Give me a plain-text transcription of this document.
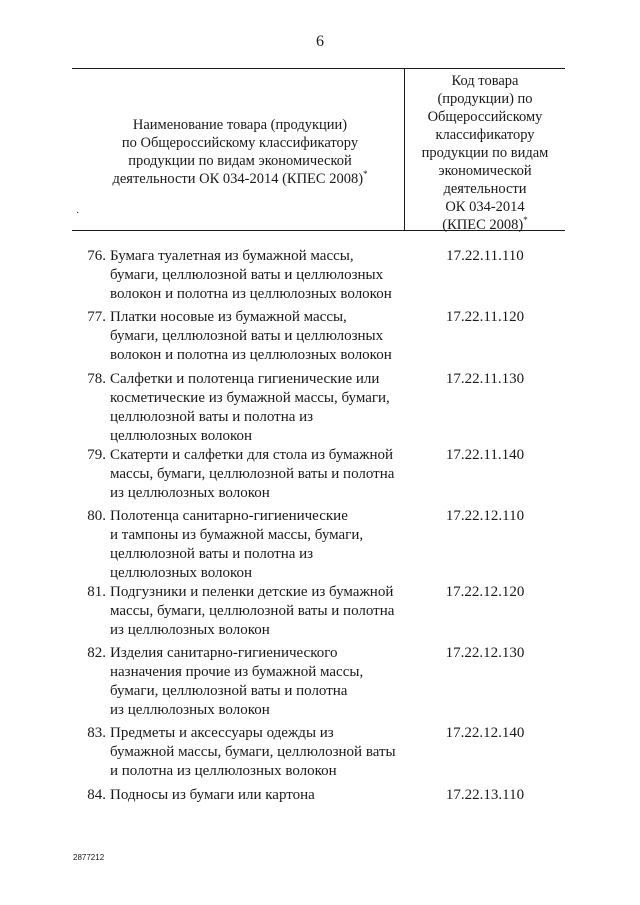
6
Наименование товара (продукции)
по Общероссийскому классификатору
продукции по видам экономической
деятельности ОК 034-2014 (КПЕС 2008)*
·
Код товара
(продукции) по
Общероссийскому
классификатору
продукции по видам
экономической
деятельности
ОК 034-2014
(КПЕС 2008)*
76. Бумага туалетная из бумажной массы,
бумаги, целлюлозной ваты и целлюлозных
волокон и полотна из целлюлозных волокон
17.22.11.110
77. Платки носовые из бумажной массы,
бумаги, целлюлозной ваты и целлюлозных
волокон и полотна из целлюлозных волокон
17.22.11.120
78. Салфетки и полотенца гигиенические или
косметические из бумажной массы, бумаги,
целлюлозной ваты и полотна из
целлюлозных волокон
17.22.11.130
79. Скатерти и салфетки для стола из бумажной
массы, бумаги, целлюлозной ваты и полотна
из целлюлозных волокон
17.22.11.140
80. Полотенца санитарно-гигиенические
и тампоны из бумажной массы, бумаги,
целлюлозной ваты и полотна из
целлюлозных волокон
17.22.12.110
81. Подгузники и пеленки детские из бумажной
массы, бумаги, целлюлозной ваты и полотна
из целлюлозных волокон
17.22.12.120
82. Изделия санитарно-гигиенического
назначения прочие из бумажной массы,
бумаги, целлюлозной ваты и полотна
из целлюлозных волокон
17.22.12.130
83. Предметы и аксессуары одежды из
бумажной массы, бумаги, целлюлозной ваты
и полотна из целлюлозных волокон
17.22.12.140
84. Подносы из бумаги или картона	17.22.13.110
2877212
